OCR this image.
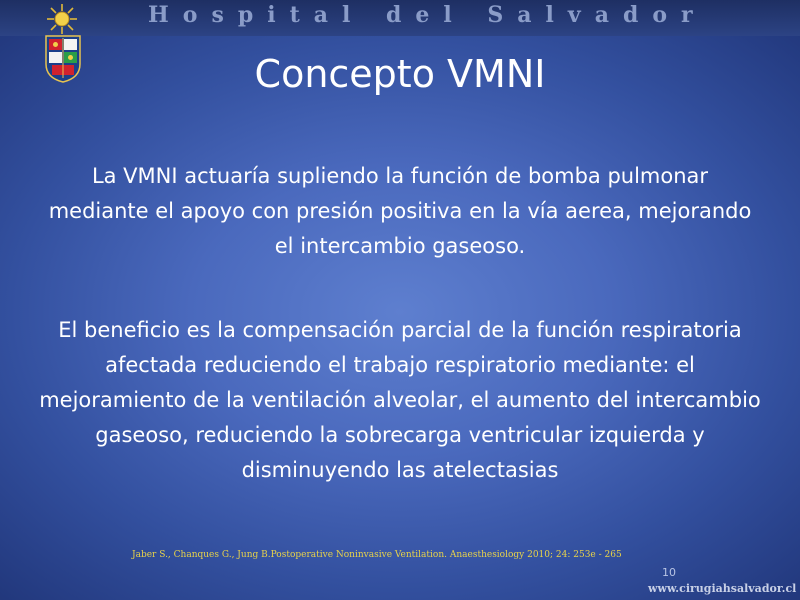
Hospital del Salvador
Concepto VMNI

La VMNI actuaría supliendo la función de bomba pulmonar mediante el apoyo con presión positiva en la vía aerea, mejorando el intercambio gaseoso.

El beneficio es la compensación parcial de la función respiratoria afectada reduciendo el trabajo respiratorio mediante: el mejoramiento de la ventilación alveolar, el aumento del intercambio gaseoso, reduciendo la sobrecarga ventricular izquierda y disminuyendo las atelectasias

Jaber S., Chanques G., Jung B.Postoperative Noninvasive Ventilation. Anaesthesiology 2010; 24: 253e - 265
10
www.cirugiahsalvador.cl
